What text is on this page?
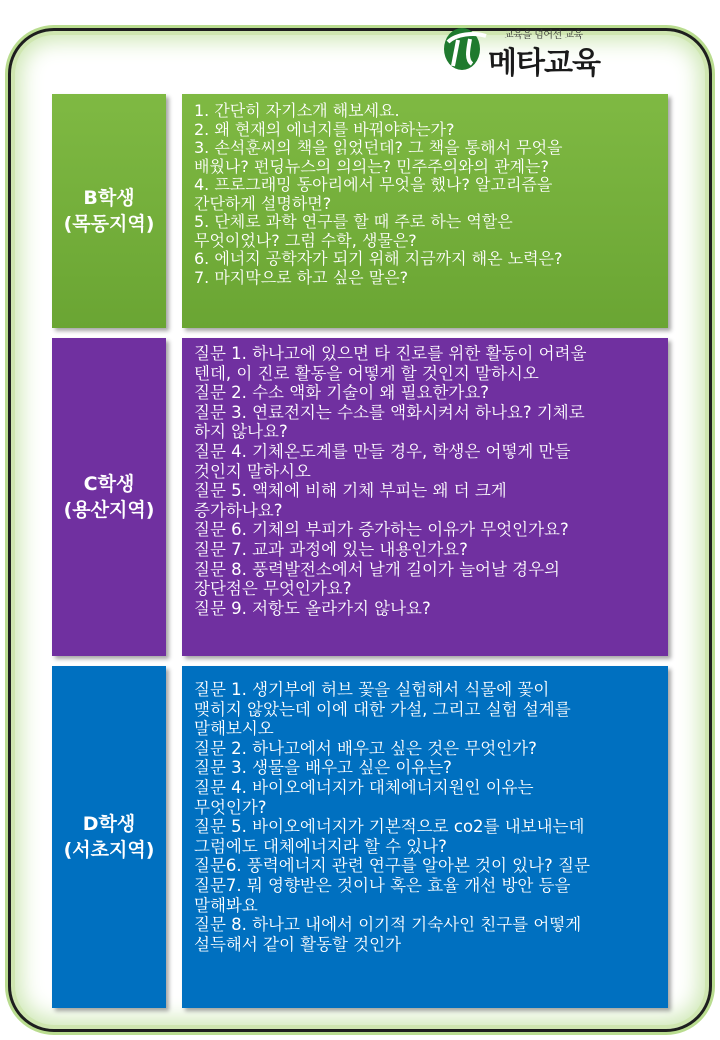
교육을 넘어선 교육
메타교육
B학생
(목동지역)
1. 간단히 자기소개 해보세요.
2. 왜 현재의 에너지를 바꿔야하는가?
3. 손석훈씨의 책을 읽었던데? 그 책을 통해서 무엇을
배웠나? 펀딩뉴스의 의의는? 민주주의와의 관계는?
4. 프로그래밍 동아리에서 무엇을 했나? 알고리즘을
간단하게 설명하면?
5. 단체로 과학 연구를 할 때 주로 하는 역할은
무엇이었나? 그럼 수학, 생물은?
6. 에너지 공학자가 되기 위해 지금까지 해온 노력은?
7. 마지막으로 하고 싶은 말은?
C학생
(용산지역)
질문 1. 하나고에 있으면 타 진로를 위한 활동이 어려울
텐데, 이 진로 활동을 어떻게 할 것인지 말하시오
질문 2. 수소 액화 기술이 왜 필요한가요?
질문 3. 연료전지는 수소를 액화시켜서 하나요? 기체로
하지 않나요?
질문 4. 기체온도계를 만들 경우, 학생은 어떻게 만들
것인지 말하시오
질문 5. 액체에 비해 기체 부피는 왜 더 크게
증가하나요?
질문 6. 기체의 부피가 증가하는 이유가 무엇인가요?
질문 7. 교과 과정에 있는 내용인가요?
질문 8. 풍력발전소에서 날개 길이가 늘어날 경우의
장단점은 무엇인가요?
질문 9. 저항도 올라가지 않나요?
D학생
(서초지역)
질문 1. 생기부에 허브 꽃을 실험해서 식물에 꽃이
맺히지 않았는데 이에 대한 가설, 그리고 실험 설계를
말해보시오
질문 2. 하나고에서 배우고 싶은 것은 무엇인가?
질문 3. 생물을 배우고 싶은 이유는?
질문 4. 바이오에너지가 대체에너지원인 이유는
무엇인가?
질문 5. 바이오에너지가 기본적으로 co2를 내보내는데
그럼에도 대체에너지라 할 수 있나?
질문6. 풍력에너지 관련 연구를 알아본 것이 있나? 질문
질문7. 뭐 영향받은 것이나 혹은 효율 개선 방안 등을
말해봐요
질문 8. 하나고 내에서 이기적 기숙사인 친구를 어떻게
설득해서 같이 활동할 것인가
